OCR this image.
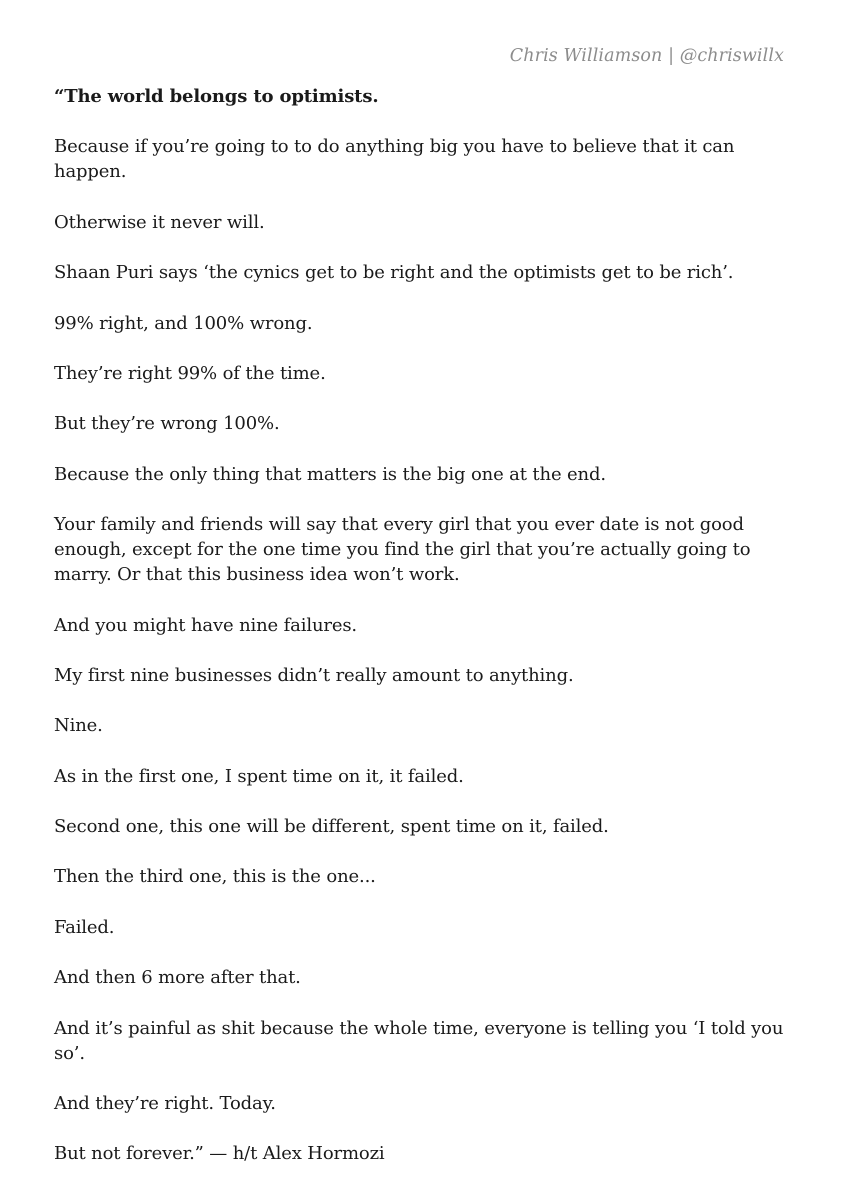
Chris Williamson | @chriswillx

“The world belongs to optimists.

Because if you’re going to to do anything big you have to believe that it can happen.

Otherwise it never will.

Shaan Puri says ‘the cynics get to be right and the optimists get to be rich’.

99% right, and 100% wrong.

They’re right 99% of the time.

But they’re wrong 100%.

Because the only thing that matters is the big one at the end.

Your family and friends will say that every girl that you ever date is not good enough, except for the one time you find the girl that you’re actually going to marry. Or that this business idea won’t work.

And you might have nine failures.

My first nine businesses didn’t really amount to anything.

Nine.

As in the first one, I spent time on it, it failed.

Second one, this one will be different, spent time on it, failed.

Then the third one, this is the one...

Failed.

And then 6 more after that.

And it’s painful as shit because the whole time, everyone is telling you ‘I told you so’.

And they’re right. Today.

But not forever.” — h/t Alex Hormozi
